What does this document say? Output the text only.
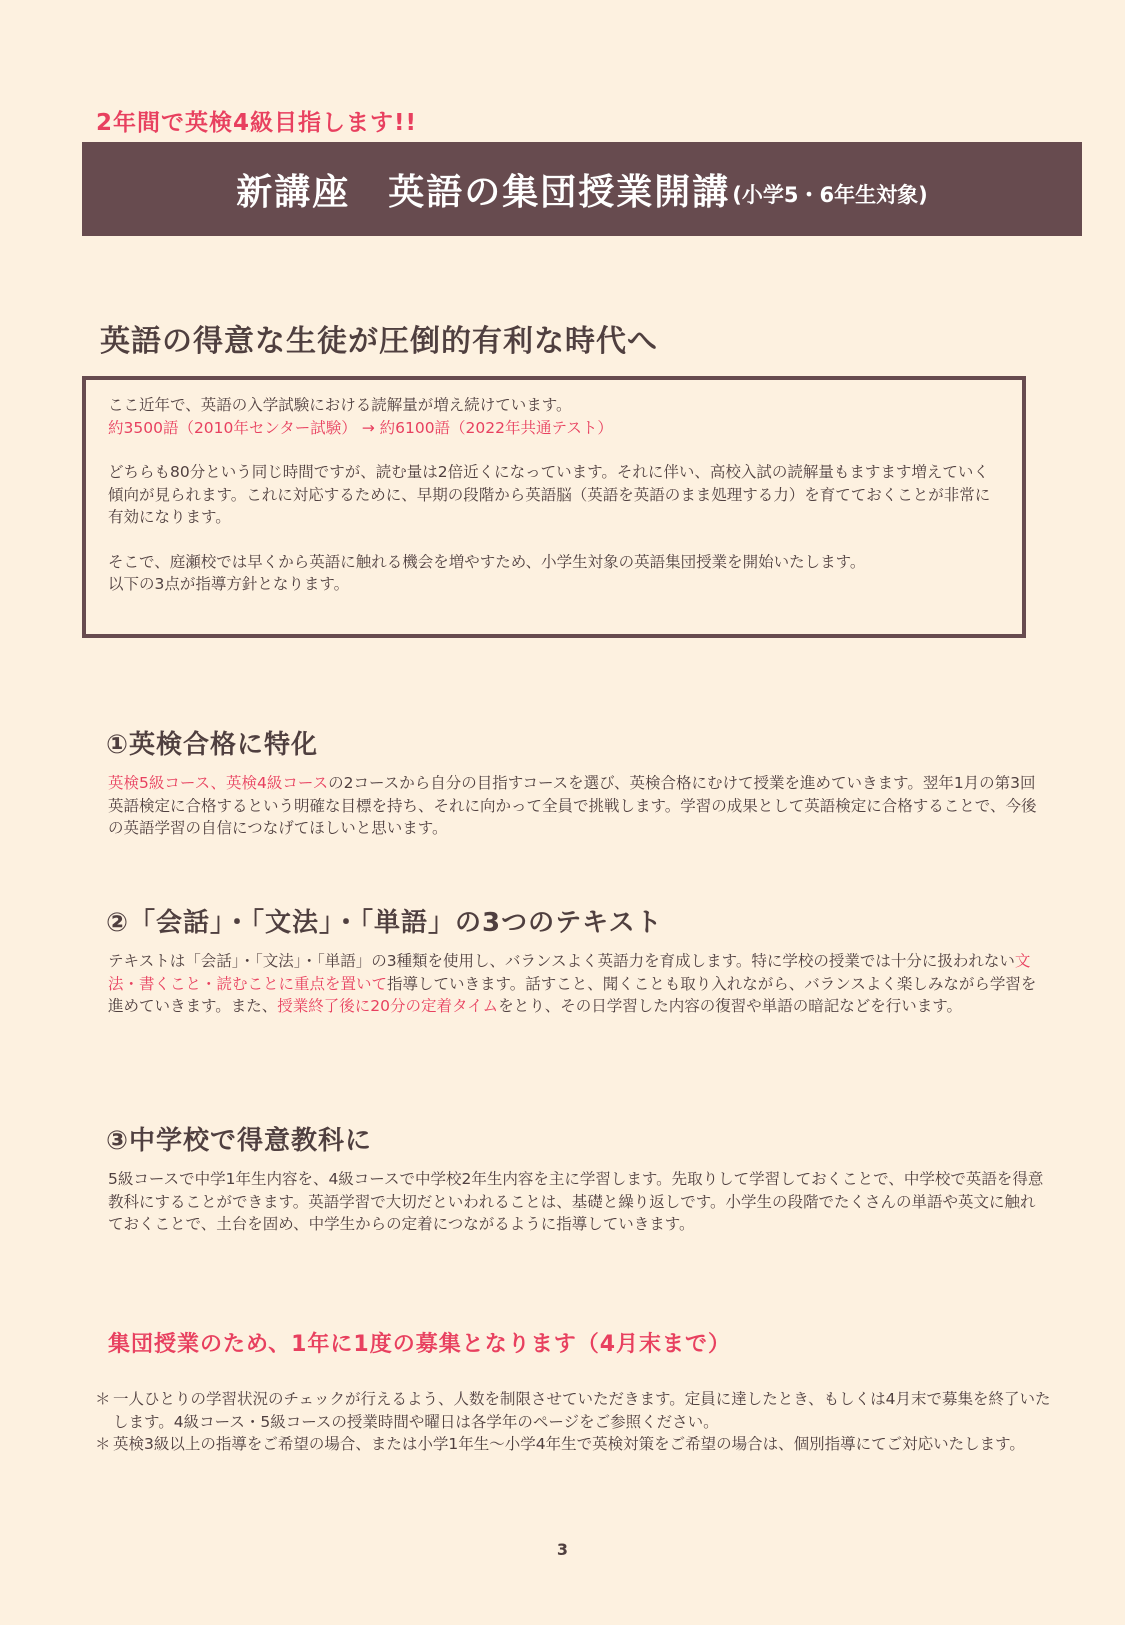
2年間で英検4級目指します!!
新講座　英語の集団授業開講 (小学5・6年生対象)
英語の得意な生徒が圧倒的有利な時代へ

ここ近年で、英語の入学試験における読解量が増え続けています。

約3500語（2010年センター試験） → 約6100語（2022年共通テスト）

どちらも80分という同じ時間ですが、読む量は2倍近くになっています。それに伴い、高校入試の読解量もますます増えていく傾向が見られます。これに対応するために、早期の段階から英語脳（英語を英語のまま処理する力）を育てておくことが非常に有効になります。

そこで、庭瀬校では早くから英語に触れる機会を増やすため、小学生対象の英語集団授業を開始いたします。

以下の3点が指導方針となります。

①英検合格に特化

英検5級コース、英検4級コースの2コースから自分の目指すコースを選び、英検合格にむけて授業を進めていきます。翌年1月の第3回英語検定に合格するという明確な目標を持ち、それに向かって全員で挑戦します。学習の成果として英語検定に合格することで、今後の英語学習の自信につなげてほしいと思います。

②「会話」・「文法」・「単語」の3つのテキスト

テキストは「会話」・「文法」・「単語」の3種類を使用し、バランスよく英語力を育成します。特に学校の授業では十分に扱われない文法・書くこと・読むことに重点を置いて指導していきます。話すこと、聞くことも取り入れながら、バランスよく楽しみながら学習を進めていきます。また、授業終了後に20分の定着タイムをとり、その日学習した内容の復習や単語の暗記などを行います。

③中学校で得意教科に

5級コースで中学1年生内容を、4級コースで中学校2年生内容を主に学習します。先取りして学習しておくことで、中学校で英語を得意教科にすることができます。英語学習で大切だといわれることは、基礎と繰り返しです。小学生の段階でたくさんの単語や英文に触れておくことで、土台を固め、中学生からの定着につながるように指導していきます。

集団授業のため、1年に1度の募集となります（4月末まで）
＊ 一人ひとりの学習状況のチェックが行えるよう、人数を制限させていただきます。定員に達したとき、もしくは4月末で募集を終了いたします。4級コース・5級コースの授業時間や曜日は各学年のページをご参照ください。
＊ 英検3級以上の指導をご希望の場合、または小学1年生～小学4年生で英検対策をご希望の場合は、個別指導にてご対応いたします。
3
